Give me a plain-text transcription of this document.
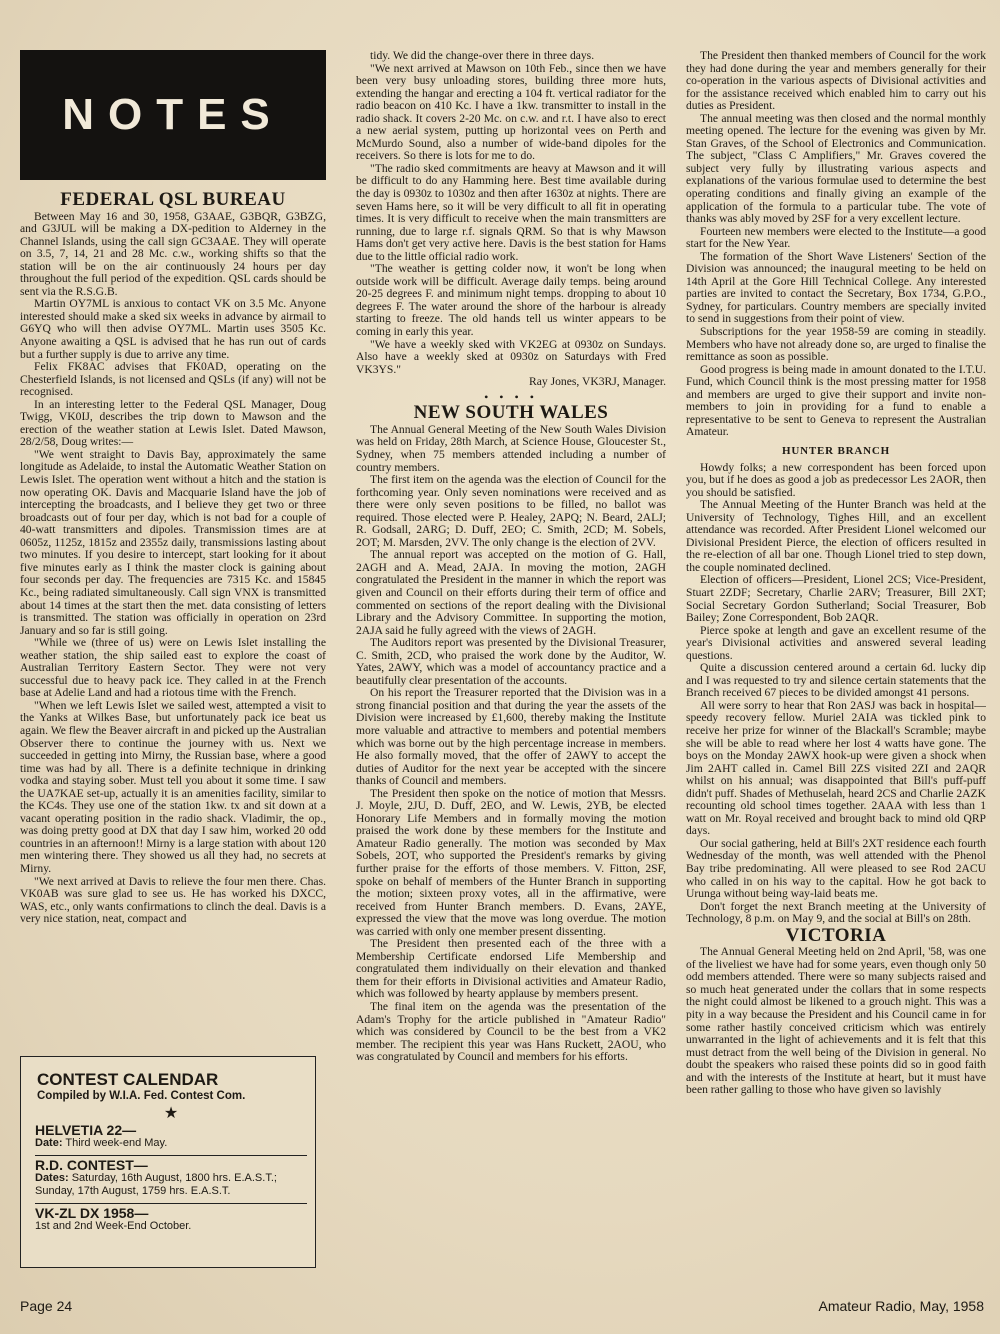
NOTES
FEDERAL QSL BUREAU

Between May 16 and 30, 1958, G3AAE, G3BQR, G3BZG, and G3JUL will be making a DX-pedition to Alderney in the Channel Islands, using the call sign GC3AAE. They will operate on 3.5, 7, 14, 21 and 28 Mc. c.w., working shifts so that the station will be on the air continuously 24 hours per day throughout the full period of the expedition. QSL cards should be sent via the R.S.G.B.

Martin OY7ML is anxious to contact VK on 3.5 Mc. Anyone interested should make a sked six weeks in advance by airmail to G6YQ who will then advise OY7ML. Martin uses 3505 Kc. Anyone awaiting a QSL is advised that he has run out of cards but a further supply is due to arrive any time.

Felix FK8AC advises that FK0AD, operating on the Chesterfield Islands, is not licensed and QSLs (if any) will not be recognised.

In an interesting letter to the Federal QSL Manager, Doug Twigg, VK0IJ, describes the trip down to Mawson and the erection of the weather station at Lewis Islet. Dated Mawson, 28/2/58, Doug writes:—

"We went straight to Davis Bay, approximately the same longitude as Adelaide, to instal the Automatic Weather Station on Lewis Islet. The operation went without a hitch and the station is now operating OK. Davis and Macquarie Island have the job of intercepting the broadcasts, and I believe they get two or three broadcasts out of four per day, which is not bad for a couple of 40-watt transmitters and dipoles. Transmission times are at 0605z, 1125z, 1815z and 2355z daily, transmissions lasting about two minutes. If you desire to intercept, start looking for it about five minutes early as I think the master clock is gaining about four seconds per day. The frequencies are 7315 Kc. and 15845 Kc., being radiated simultaneously. Call sign VNX is transmitted about 14 times at the start then the met. data consisting of letters is transmitted. The station was officially in operation on 23rd January and so far is still going.

"While we (three of us) were on Lewis Islet installing the weather station, the ship sailed east to explore the coast of Australian Territory Eastern Sector. They were not very successful due to heavy pack ice. They called in at the French base at Adelie Land and had a riotous time with the French.

"When we left Lewis Islet we sailed west, attempted a visit to the Yanks at Wilkes Base, but unfortunately pack ice beat us again. We flew the Beaver aircraft in and picked up the Australian Observer there to continue the journey with us. Next we succeeded in getting into Mirny, the Russian base, where a good time was had by all. There is a definite technique in drinking vodka and staying sober. Must tell you about it some time. I saw the UA7KAE set-up, actually it is an amenities facility, similar to the KC4s. They use one of the station 1kw. tx and sit down at a vacant operating position in the radio shack. Vladimir, the op., was doing pretty good at DX that day I saw him, worked 20 odd countries in an afternoon!! Mirny is a large station with about 120 men wintering there. They showed us all they had, no secrets at Mirny.

"We next arrived at Davis to relieve the four men there. Chas. VK0AB was sure glad to see us. He has worked his DXCC, WAS, etc., only wants confirmations to clinch the deal. Davis is a very nice station, neat, compact and

CONTEST CALENDAR
Compiled by W.I.A. Fed. Contest Com.
★
HELVETIA 22—
Date: Third week-end May.
R.D. CONTEST—
Dates: Saturday, 16th August, 1800 hrs. E.A.S.T.; Sunday, 17th August, 1759 hrs. E.A.S.T.
VK-ZL DX 1958—
1st and 2nd Week-End October.

tidy. We did the change-over there in three days.

"We next arrived at Mawson on 10th Feb., since then we have been very busy unloading stores, building three more huts, extending the hangar and erecting a 104 ft. vertical radiator for the radio beacon on 410 Kc. I have a 1kw. transmitter to install in the radio shack. It covers 2-20 Mc. on c.w. and r.t. I have also to erect a new aerial system, putting up horizontal vees on Perth and McMurdo Sound, also a number of wide-band dipoles for the receivers. So there is lots for me to do.

"The radio sked commitments are heavy at Mawson and it will be difficult to do any Hamming here. Best time available during the day is 0930z to 1030z and then after 1630z at nights. There are seven Hams here, so it will be very difficult to all fit in operating times. It is very difficult to receive when the main transmitters are running, due to large r.f. signals QRM. So that is why Mawson Hams don't get very active here. Davis is the best station for Hams due to the little official radio work.

"The weather is getting colder now, it won't be long when outside work will be difficult. Average daily temps. being around 20-25 degrees F. and minimum night temps. dropping to about 10 degrees F. The water around the shore of the harbour is already starting to freeze. The old hands tell us winter appears to be coming in early this year.

"We have a weekly sked with VK2EG at 0930z on Sundays. Also have a weekly sked at 0930z on Saturdays with Fred VK3YS."

Ray Jones, VK3RJ, Manager.

• • • •
NEW SOUTH WALES

The Annual General Meeting of the New South Wales Division was held on Friday, 28th March, at Science House, Gloucester St., Sydney, when 75 members attended including a number of country members.

The first item on the agenda was the election of Council for the forthcoming year. Only seven nominations were received and as there were only seven positions to be filled, no ballot was required. Those elected were P. Healey, 2APQ; N. Beard, 2ALJ; R. Godsall, 2ARG; D. Duff, 2EO; C. Smith, 2CD; M. Sobels, 2OT; M. Marsden, 2VV. The only change is the election of 2VV.

The annual report was accepted on the motion of G. Hall, 2AGH and A. Mead, 2AJA. In moving the motion, 2AGH congratulated the President in the manner in which the report was given and Council on their efforts during their term of office and commented on sections of the report dealing with the Divisional Library and the Advisory Committee. In supporting the motion, 2AJA said he fully agreed with the views of 2AGH.

The Auditors report was presented by the Divisional Treasurer, C. Smith, 2CD, who praised the work done by the Auditor, W. Yates, 2AWY, which was a model of accountancy practice and a beautifully clear presentation of the accounts.

On his report the Treasurer reported that the Division was in a strong financial position and that during the year the assets of the Division were increased by £1,600, thereby making the Institute more valuable and attractive to members and potential members which was borne out by the high percentage increase in members. He also formally moved, that the offer of 2AWY to accept the duties of Auditor for the next year be accepted with the sincere thanks of Council and members.

The President then spoke on the notice of motion that Messrs. J. Moyle, 2JU, D. Duff, 2EO, and W. Lewis, 2YB, be elected Honorary Life Members and in formally moving the motion praised the work done by these members for the Institute and Amateur Radio generally. The motion was seconded by Max Sobels, 2OT, who supported the President's remarks by giving further praise for the efforts of those members. V. Fitton, 2SF, spoke on behalf of members of the Hunter Branch in supporting the motion; sixteen proxy votes, all in the affirmative, were received from Hunter Branch members. D. Evans, 2AYE, expressed the view that the move was long overdue. The motion was carried with only one member present dissenting.

The President then presented each of the three with a Membership Certificate endorsed Life Membership and congratulated them individually on their elevation and thanked them for their efforts in Divisional activities and Amateur Radio, which was followed by hearty applause by members present.

The final item on the agenda was the presentation of the Adam's Trophy for the article published in "Amateur Radio" which was considered by Council to be the best from a VK2 member. The recipient this year was Hans Ruckett, 2AOU, who was congratulated by Council and members for his efforts.

The President then thanked members of Council for the work they had done during the year and members generally for their co-operation in the various aspects of Divisional activities and for the assistance received which enabled him to carry out his duties as President.

The annual meeting was then closed and the normal monthly meeting opened. The lecture for the evening was given by Mr. Stan Graves, of the School of Electronics and Communication. The subject, "Class C Amplifiers," Mr. Graves covered the subject very fully by illustrating various aspects and explanations of the various formulae used to determine the best operating conditions and finally giving an example of the application of the formula to a particular tube. The vote of thanks was ably moved by 2SF for a very excellent lecture.

Fourteen new members were elected to the Institute—a good start for the New Year.

The formation of the Short Wave Listeners' Section of the Division was announced; the inaugural meeting to be held on 14th April at the Gore Hill Technical College. Any interested parties are invited to contact the Secretary, Box 1734, G.P.O., Sydney, for particulars. Country members are specially invited to send in suggestions from their point of view.

Subscriptions for the year 1958-59 are coming in steadily. Members who have not already done so, are urged to finalise the remittance as soon as possible.

Good progress is being made in amount donated to the I.T.U. Fund, which Council think is the most pressing matter for 1958 and members are urged to give their support and invite non-members to join in providing for a fund to enable a representative to be sent to Geneva to represent the Australian Amateur.

HUNTER BRANCH

Howdy folks; a new correspondent has been forced upon you, but if he does as good a job as predecessor Les 2AOR, then you should be satisfied.

The Annual Meeting of the Hunter Branch was held at the University of Technology, Tighes Hill, and an excellent attendance was recorded. After President Lionel welcomed our Divisional President Pierce, the election of officers resulted in the re-election of all bar one. Though Lionel tried to step down, the couple nominated declined.

Election of officers—President, Lionel 2CS; Vice-President, Stuart 2ZDF; Secretary, Charlie 2ARV; Treasurer, Bill 2XT; Social Secretary Gordon Sutherland; Social Treasurer, Bob Bailey; Zone Correspondent, Bob 2AQR.

Pierce spoke at length and gave an excellent resume of the year's Divisional activities and answered several leading questions.

Quite a discussion centered around a certain 6d. lucky dip and I was requested to try and silence certain statements that the Branch received 67 pieces to be divided amongst 41 persons.

All were sorry to hear that Ron 2ASJ was back in hospital—speedy recovery fellow. Muriel 2AIA was tickled pink to receive her prize for winner of the Blackall's Scramble; maybe she will be able to read where her lost 4 watts have gone. The boys on the Monday 2AWX hook-up were given a shock when Jim 2AHT called in. Camel Bill 2ZS visited 2ZI and 2AQR whilst on his annual; was disappointed that Bill's puff-puff didn't puff. Shades of Methuselah, heard 2CS and Charlie 2AZK recounting old school times together. 2AAA with less than 1 watt on Mr. Royal received and brought back to mind old QRP days.

Our social gathering, held at Bill's 2XT residence each fourth Wednesday of the month, was well attended with the Phenol Bay tribe predominating. All were pleased to see Rod 2ACU who called in on his way to the capital. How he got back to Urunga without being way-laid beats me.

Don't forget the next Branch meeting at the University of Technology, 8 p.m. on May 9, and the social at Bill's on 28th.

VICTORIA

The Annual General Meeting held on 2nd April, '58, was one of the liveliest we have had for some years, even though only 50 odd members attended. There were so many subjects raised and so much heat generated under the collars that in some respects the night could almost be likened to a grouch night. This was a pity in a way because the President and his Council came in for some rather hastily conceived criticism which was entirely unwarranted in the light of achievements and it is felt that this must detract from the well being of the Division in general. No doubt the speakers who raised these points did so in good faith and with the interests of the Institute at heart, but it must have been rather galling to those who have given so lavishly

Page 24	Amateur Radio, May, 1958
